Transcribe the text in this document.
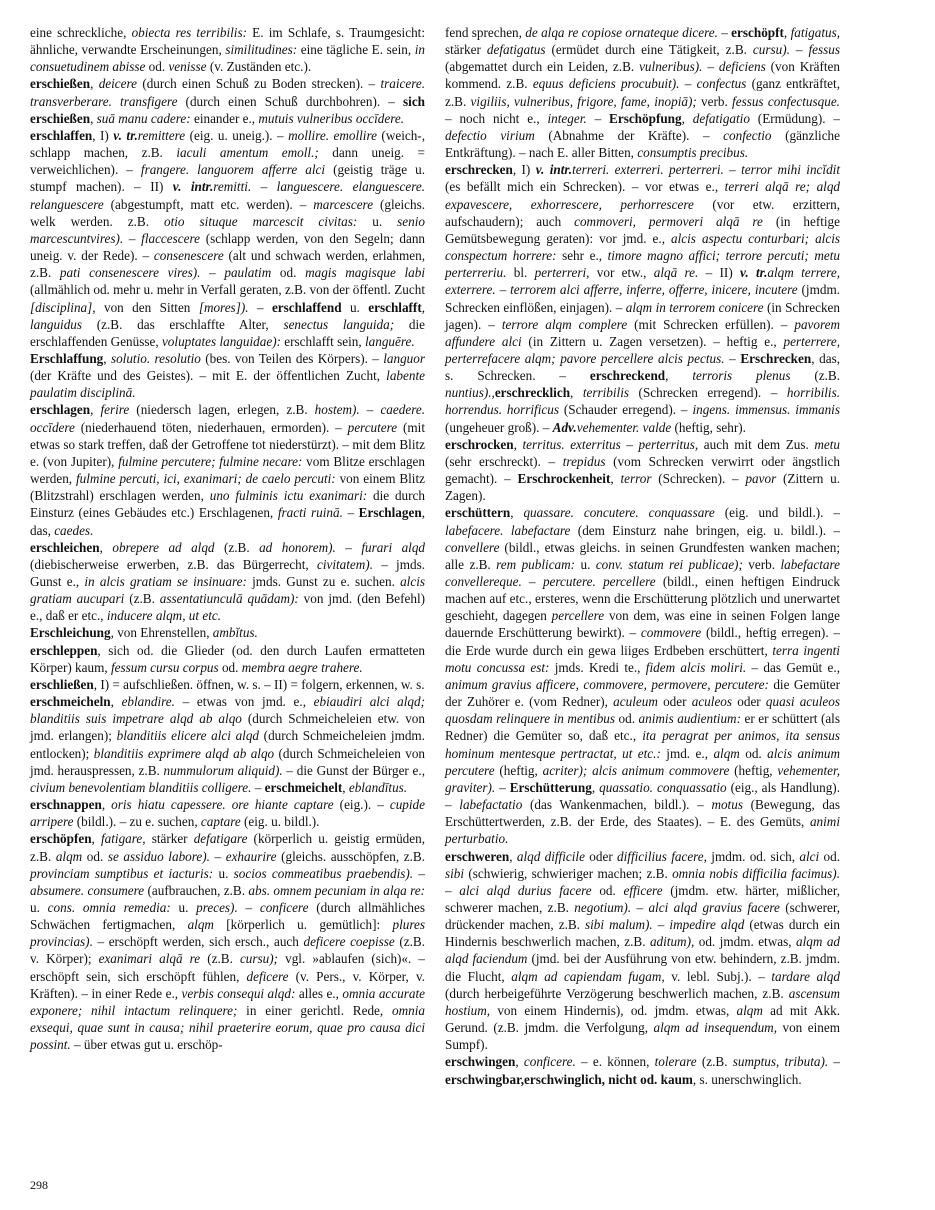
eine schreckliche, obiecta res terribilis: E. im Schlafe, s. Traumgesicht: ähnliche, verwandte Erscheinungen, similitudines: eine tägliche E. sein, in consuetudinem abisse od. venisse (v. Zuständen etc.).

erschießen, deicere (durch einen Schuß zu Boden strecken). – traicere. transverberare. transfigere (durch einen Schuß durchbohren). – sich erschießen, suā manu cadere: einander e., mutuis vulneribus occīdere.

erschlaffen, I) v. tr.remittere (eig. u. uneig.). – mollire. emollire (weich-, schlapp machen, z.B. iaculi amentum emoll.; dann uneig. = verweichlichen). – frangere. languorem afferre alci (geistig träge u. stumpf machen). – II) v. intr.remitti. – languescere. elanguescere. relanguescere (abgestumpft, matt etc. werden). – marcescere (gleichs. welk werden. z.B. otio situque marcescit civitas: u. senio marcescuntvires). – flaccescere (schlapp werden, von den Segeln; dann uneig. v. der Rede). – consenescere (alt und schwach werden, erlahmen, z.B. pati consenescere vires). – paulatim od. magis magisque labi (allmählich od. mehr u. mehr in Verfall geraten, z.B. von der öffentl. Zucht [disciplina], von den Sitten [mores]). – erschlaffend u. erschlafft, languidus (z.B. das erschlaffte Alter, senectus languida; die erschlaffenden Genüsse, voluptates languidae): erschlafft sein, languēre.

Erschlaffung, solutio. resolutio (bes. von Teilen des Körpers). – languor (der Kräfte und des Geistes). – mit E. der öffentlichen Zucht, labente paulatim disciplinā.

erschlagen, ferire (niedersch lagen, erlegen, z.B. hostem). – caedere. occīdere (niederhauend töten, niederhauen, ermorden). – percutere (mit etwas so stark treffen, daß der Getroffene tot niederstürzt). – mit dem Blitz e. (von Jupiter), fulmine percutere; fulmine necare: vom Blitze erschlagen werden, fulmine percuti, ici, exanimari; de caelo percuti: von einem Blitz (Blitzstrahl) erschlagen werden, uno fulminis ictu exanimari: die durch Einsturz (eines Gebäudes etc.) Erschlagenen, fracti ruinā. – Erschlagen, das, caedes.

erschleichen, obrepere ad alqd (z.B. ad honorem). – furari alqd (diebischerweise erwerben, z.B. das Bürgerrecht, civitatem). – jmds. Gunst e., in alcis gratiam se insinuare: jmds. Gunst zu e. suchen. alcis gratiam aucupari (z.B. assentatiunculā quādam): von jmd. (den Befehl) e., daß er etc., inducere alqm, ut etc.

Erschleichung, von Ehrenstellen, ambĭtus.

erschleppen, sich od. die Glieder (od. den durch Laufen ermatteten Körper) kaum, fessum cursu corpus od. membra aegre trahere.

erschließen, I) = aufschließen. öffnen, w. s. – II) = folgern, erkennen, w. s.

erschmeicheln, eblandire. – etwas von jmd. e., ebiaudiri alci alqd; blanditiis suis impetrare alqd ab alqo (durch Schmeicheleien etw. von jmd. erlangen); blanditiis elicere alci alqd (durch Schmeicheleien jmdm. entlocken); blanditiis exprimere alqd ab alqo (durch Schmeicheleien von jmd. herauspressen, z.B. nummulorum aliquid). – die Gunst der Bürger e., civium benevolentiam blanditiis colligere. – erschmeichelt, eblandītus.

erschnappen, oris hiatu capessere. ore hiante captare (eig.). – cupide arripere (bildl.). – zu e. suchen, captare (eig. u. bildl.).

erschöpfen, fatigare, stärker defatigare (körperlich u. geistig ermüden, z.B. alqm od. se assiduo labore). – exhaurire (gleichs. ausschöpfen, z.B. provinciam sumptibus et iacturis: u. socios commeatibus praebendis). – absumere. consumere (aufbrauchen, z.B. abs. omnem pecuniam in alqa re: u. cons. omnia remedia: u. preces). – conficere (durch allmähliches Schwächen fertigmachen, alqm [körperlich u. gemütlich]: plures provincias). – erschöpft werden, sich ersch., auch deficere coepisse (z.B. v. Körper); exanimari alqā re (z.B. cursu); vgl. »ablaufen (sich)«. – erschöpft sein, sich erschöpft fühlen, deficere (v. Pers., v. Körper, v. Kräften). – in einer Rede e., verbis consequi alqd: alles e., omnia accurate exponere; nihil intactum relinquere; in einer gerichtl. Rede, omnia exsequi, quae sunt in causa; nihil praeterire eorum, quae pro causa dici possint. – über etwas gut u. erschöp-

fend sprechen, de alqa re copiose ornateque dicere. – erschöpft, fatigatus, stärker defatigatus (ermüdet durch eine Tätigkeit, z.B. cursu). – fessus (abgemattet durch ein Leiden, z.B. vulneribus). – deficiens (von Kräften kommend. z.B. equus deficiens procubuit). – confectus (ganz entkräftet, z.B. vigiliis, vulneribus, frigore, fame, inopiā); verb. fessus confectusque. – noch nicht e., integer. – Erschöpfung, defatigatio (Ermüdung). – defectio virium (Abnahme der Kräfte). – confectio (gänzliche Entkräftung). – nach E. aller Bitten, consumptis precibus.

erschrecken, I) v. intr.terreri. exterreri. perterreri. – terror mihi incĭdit (es befällt mich ein Schrecken). – vor etwas e., terreri alqā re; alqd expavescere, exhorrescere, perhorrescere (vor etw. erzittern, aufschaudern); auch commoveri, permoveri alqā re (in heftige Gemütsbewegung geraten): vor jmd. e., alcis aspectu conturbari; alcis conspectum horrere: sehr e., timore magno affici; terrore percuti; metu perterreriu. bl. perterreri, vor etw., alqā re. – II) v. tr.alqm terrere, exterrere. – terrorem alci afferre, inferre, offerre, inicere, incutere (jmdm. Schrecken einflößen, einjagen). – alqm in terrorem conicere (in Schrecken jagen). – terrore alqm complere (mit Schrecken erfüllen). – pavorem affundere alci (in Zittern u. Zagen versetzen). – heftig e., perterrere, perterrefacere alqm; pavore percellere alcis pectus. – Erschrecken, das, s. Schrecken. – erschreckend, terroris plenus (z.B. nuntius).,erschrecklich, terribilis (Schrecken erregend). – horribilis. horrendus. horrificus (Schauder erregend). – ingens. immensus. immanis (ungeheuer groß). – Adv.vehementer. valde (heftig, sehr).

erschrocken, territus. exterritus – perterritus, auch mit dem Zus. metu (sehr erschreckt). – trepidus (vom Schrecken verwirrt oder ängstlich gemacht). – Erschrockenheit, terror (Schrecken). – pavor (Zittern u. Zagen).

erschüttern, quassare. concutere. conquassare (eig. und bildl.). – labefacere. labefactare (dem Einsturz nahe bringen, eig. u. bildl.). – convellere (bildl., etwas gleichs. in seinen Grundfesten wanken machen; alle z.B. rem publicam: u. conv. statum rei publicae); verb. labefactare convellereque. – percutere. percellere (bildl., einen heftigen Eindruck machen auf etc., ersteres, wenn die Erschütterung plötzlich und unerwartet geschieht, dagegen percellere von dem, was eine in seinen Folgen lange dauernde Erschütterung bewirkt). – commovere (bildl., heftig erregen). – die Erde wurde durch ein gewa liiges Erdbeben erschüttert, terra ingenti motu concussa est: jmds. Kredi te., fidem alcis moliri. – das Gemüt e., animum gravius afficere, commovere, permovere, percutere: die Gemüter der Zuhörer e. (vom Redner), aculeum oder aculeos oder quasi aculeos quosdam relinquere in mentibus od. animis audientium: er er schüttert (als Redner) die Gemüter so, daß etc., ita peragrat per animos, ita sensus hominum mentesque pertractat, ut etc.: jmd. e., alqm od. alcis animum percutere (heftig, acriter); alcis animum commovere (heftig, vehementer, graviter). – Erschütterung, quassatio. conquassatio (eig., als Handlung). – labefactatio (das Wankenmachen, bildl.). – motus (Bewegung, das Erschüttertwerden, z.B. der Erde, des Staates). – E. des Gemüts, animi perturbatio.

erschweren, alqd difficile oder difficilius facere, jmdm. od. sich, alci od. sibi (schwierig, schwieriger machen; z.B. omnia nobis difficilia facimus). – alci alqd durius facere od. efficere (jmdm. etw. härter, mißlicher, schwerer machen, z.B. negotium). – alci alqd gravius facere (schwerer, drückender machen, z.B. sibi malum). – impedire alqd (etwas durch ein Hindernis beschwerlich machen, z.B. aditum), od. jmdm. etwas, alqm ad alqd faciendum (jmd. bei der Ausführung von etw. behindern, z.B. jmdm. die Flucht, alqm ad capiendam fugam, v. lebl. Subj.). – tardare alqd (durch herbeigeführte Verzögerung beschwerlich machen, z.B. ascensum hostium, von einem Hindernis), od. jmdm. etwas, alqm ad mit Akk. Gerund. (z.B. jmdm. die Verfolgung, alqm ad insequendum, von einem Sumpf).

erschwingen, conficere. – e. können, tolerare (z.B. sumptus, tributa). – erschwingbar,erschwinglich, nicht od. kaum, s. unerschwinglich.

298
